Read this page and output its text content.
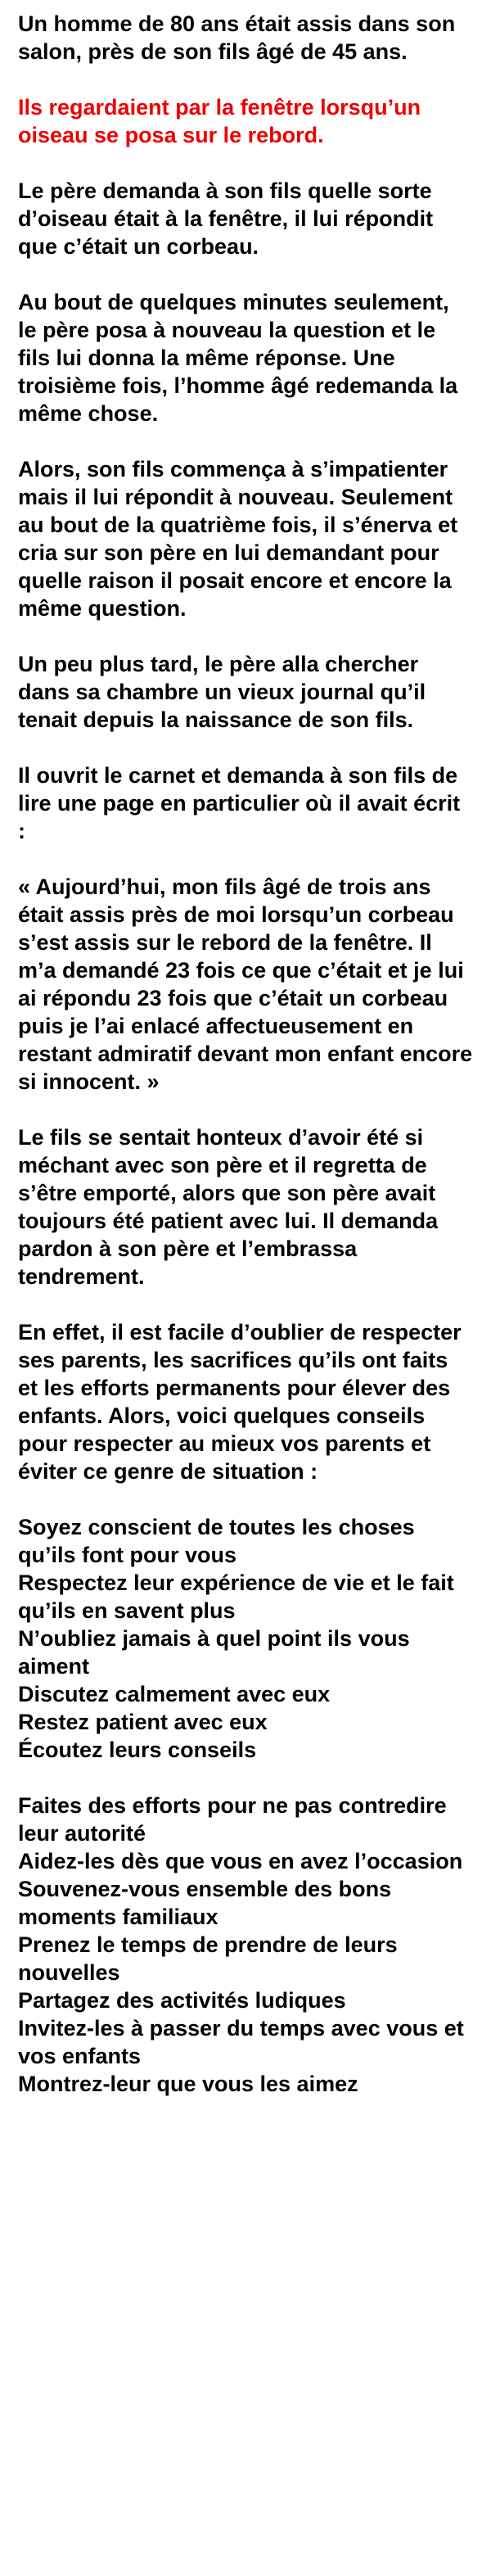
Un homme de 80 ans était assis dans son salon, près de son fils âgé de 45 ans.

Ils regardaient par la fenêtre lorsqu’un oiseau se posa sur le rebord.

Le père demanda à son fils quelle sorte d’oiseau était à la fenêtre, il lui répondit que c’était un corbeau.

Au bout de quelques minutes seulement, le père posa à nouveau la question et le fils lui donna la même réponse. Une troisième fois, l’homme âgé redemanda la même chose.

Alors, son fils commença à s’impatienter mais il lui répondit à nouveau. Seulement au bout de la quatrième fois, il s’énerva et cria sur son père en lui demandant pour quelle raison il posait encore et encore la même question.

Un peu plus tard, le père alla chercher dans sa chambre un vieux journal qu’il tenait depuis la naissance de son fils.

Il ouvrit le carnet et demanda à son fils de lire une page en particulier où il avait écrit :

« Aujourd’hui, mon fils âgé de trois ans était assis près de moi lorsqu’un corbeau s’est assis sur le rebord de la fenêtre. Il m’a demandé 23 fois ce que c’était et je lui ai répondu 23 fois que c’était un corbeau puis je l’ai enlacé affectueusement en restant admiratif devant mon enfant encore si innocent. »

Le fils se sentait honteux d’avoir été si méchant avec son père et il regretta de s’être emporté, alors que son père avait toujours été patient avec lui. Il demanda pardon à son père et l’embrassa tendrement.

En effet, il est facile d’oublier de respecter ses parents, les sacrifices qu’ils ont faits et les efforts permanents pour élever des enfants. Alors, voici quelques conseils pour respecter au mieux vos parents et éviter ce genre de situation :

Soyez conscient de toutes les choses qu’ils font pour vous
Respectez leur expérience de vie et le fait qu’ils en savent plus
N’oubliez jamais à quel point ils vous aiment
Discutez calmement avec eux
Restez patient avec eux
Écoutez leurs conseils
Faites des efforts pour ne pas contredire leur autorité
Aidez-les dès que vous en avez l’occasion
Souvenez-vous ensemble des bons moments familiaux
Prenez le temps de prendre de leurs nouvelles
Partagez des activités ludiques
Invitez-les à passer du temps avec vous et vos enfants
Montrez-leur que vous les aimez
